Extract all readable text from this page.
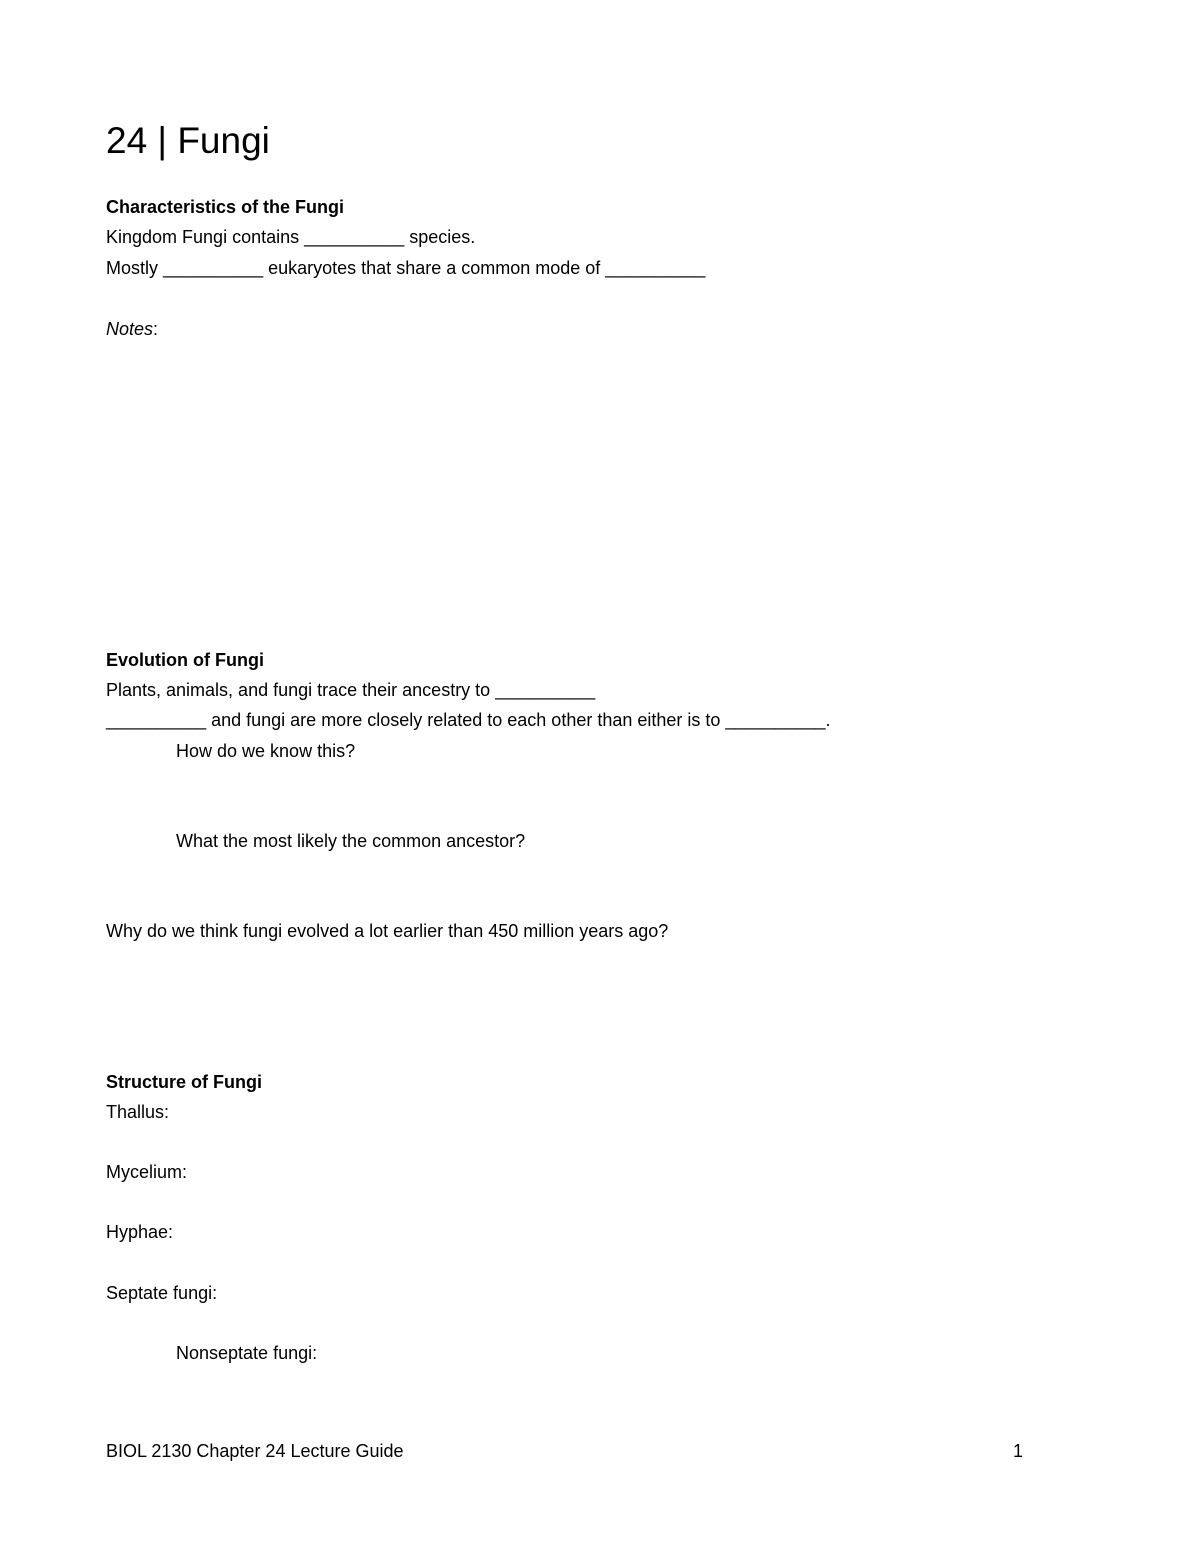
24 | Fungi

Characteristics of the Fungi

Kingdom Fungi contains __________ species.

Mostly __________ eukaryotes that share a common mode of __________

Notes:

Evolution of Fungi

Plants, animals, and fungi trace their ancestry to __________

__________ and fungi are more closely related to each other than either is to __________.

How do we know this?

What the most likely the common ancestor?

Why do we think fungi evolved a lot earlier than 450 million years ago?

Structure of Fungi

Thallus:

Mycelium:

Hyphae:

Septate fungi:

Nonseptate fungi:

BIOL 2130 Chapter 24 Lecture Guide	1
